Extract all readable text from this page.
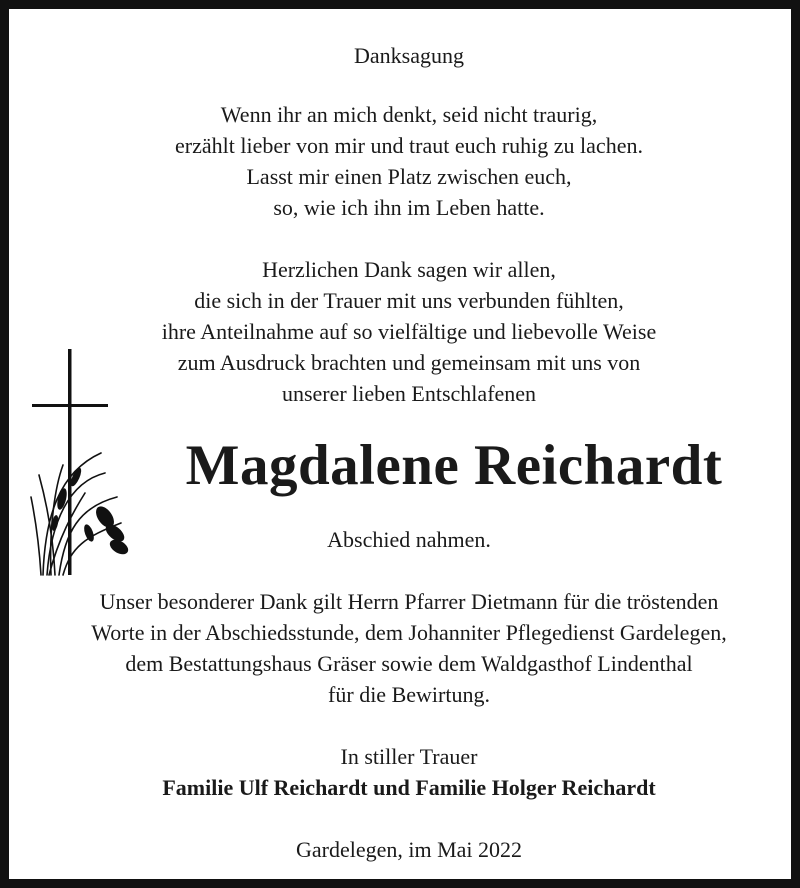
Danksagung
Wenn ihr an mich denkt, seid nicht traurig,
erzählt lieber von mir und traut euch ruhig zu lachen.
Lasst mir einen Platz zwischen euch,
so, wie ich ihn im Leben hatte.
Herzlichen Dank sagen wir allen,
die sich in der Trauer mit uns verbunden fühlten,
ihre Anteilnahme auf so vielfältige und liebevolle Weise
zum Ausdruck brachten und gemeinsam mit uns von
unserer lieben Entschlafenen
Magdalene Reichardt
Abschied nahmen.
Unser besonderer Dank gilt Herrn Pfarrer Dietmann für die tröstenden
Worte in der Abschiedsstunde, dem Johanniter Pflegedienst Gardelegen,
dem Bestattungshaus Gräser sowie dem Waldgasthof Lindenthal
für die Bewirtung.
In stiller Trauer
Familie Ulf Reichardt und Familie Holger Reichardt
Gardelegen, im Mai 2022
